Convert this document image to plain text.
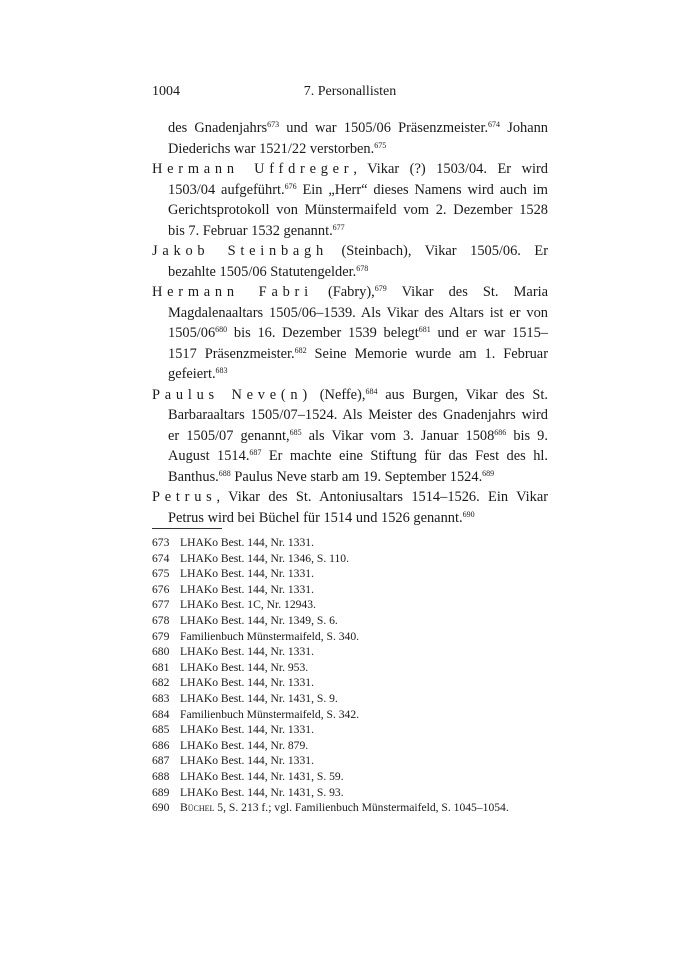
1004	7. Personallisten

des Gnadenjahrs$^{673}$ und war 1505/06 Präsenzmeister.$^{674}$ Johann Diederichs war 1521/22 verstorben.$^{675}$

Hermann Uffdreger, Vikar (?) 1503/04. Er wird 1503/04 aufgeführt.$^{676}$ Ein „Herr“ dieses Namens wird auch im Gerichtsprotokoll von Münstermaifeld vom 2. Dezember 1528 bis 7. Februar 1532 genannt.$^{677}$

Jakob Steinbagh (Steinbach), Vikar 1505/06. Er bezahlte 1505/06 Statutengelder.$^{678}$

Hermann Fabri (Fabry),$^{679}$ Vikar des St. Maria Magdalenaaltars 1505/06–1539. Als Vikar des Altars ist er von $1505/06^{680}$ bis 16. Dezember 1539 belegt$^{681}$ und er war 1515–1517 Präsenzmeister.$^{682}$ Seine Memorie wurde am 1. Februar gefeiert.$^{683}$

Paulus Neve(n) (Neffe),$^{684}$ aus Burgen, Vikar des St. Barbaraaltars 1505/07–1524. Als Meister des Gnadenjahrs wird er 1505/07 genannt,$^{685}$ als Vikar vom 3. Januar 1508$^{686}$ bis 9. August 1514.$^{687}$ Er machte eine Stiftung für das Fest des hl. Banthus.$^{688}$ Paulus Neve starb am 19. September 1524.$^{689}$

Petrus, Vikar des St. Antoniusaltars 1514–1526. Ein Vikar Petrus wird bei Büchel für 1514 und 1526 genannt.$^{690}$

673 LHAKo Best. 144, Nr. 1331.
674 LHAKo Best. 144, Nr. 1346, S. 110.
675 LHAKo Best. 144, Nr. 1331.
676 LHAKo Best. 144, Nr. 1331.
677 LHAKo Best. 1C, Nr. 12943.
678 LHAKo Best. 144, Nr. 1349, S. 6.
679 Familienbuch Münstermaifeld, S. 340.
680 LHAKo Best. 144, Nr. 1331.
681 LHAKo Best. 144, Nr. 953.
682 LHAKo Best. 144, Nr. 1331.
683 LHAKo Best. 144, Nr. 1431, S. 9.
684 Familienbuch Münstermaifeld, S. 342.
685 LHAKo Best. 144, Nr. 1331.
686 LHAKo Best. 144, Nr. 879.
687 LHAKo Best. 144, Nr. 1331.
688 LHAKo Best. 144, Nr. 1431, S. 59.
689 LHAKo Best. 144, Nr. 1431, S. 93.
690 Büchel 5, S. 213 f.; vgl. Familienbuch Münstermaifeld, S. 1045–1054.
